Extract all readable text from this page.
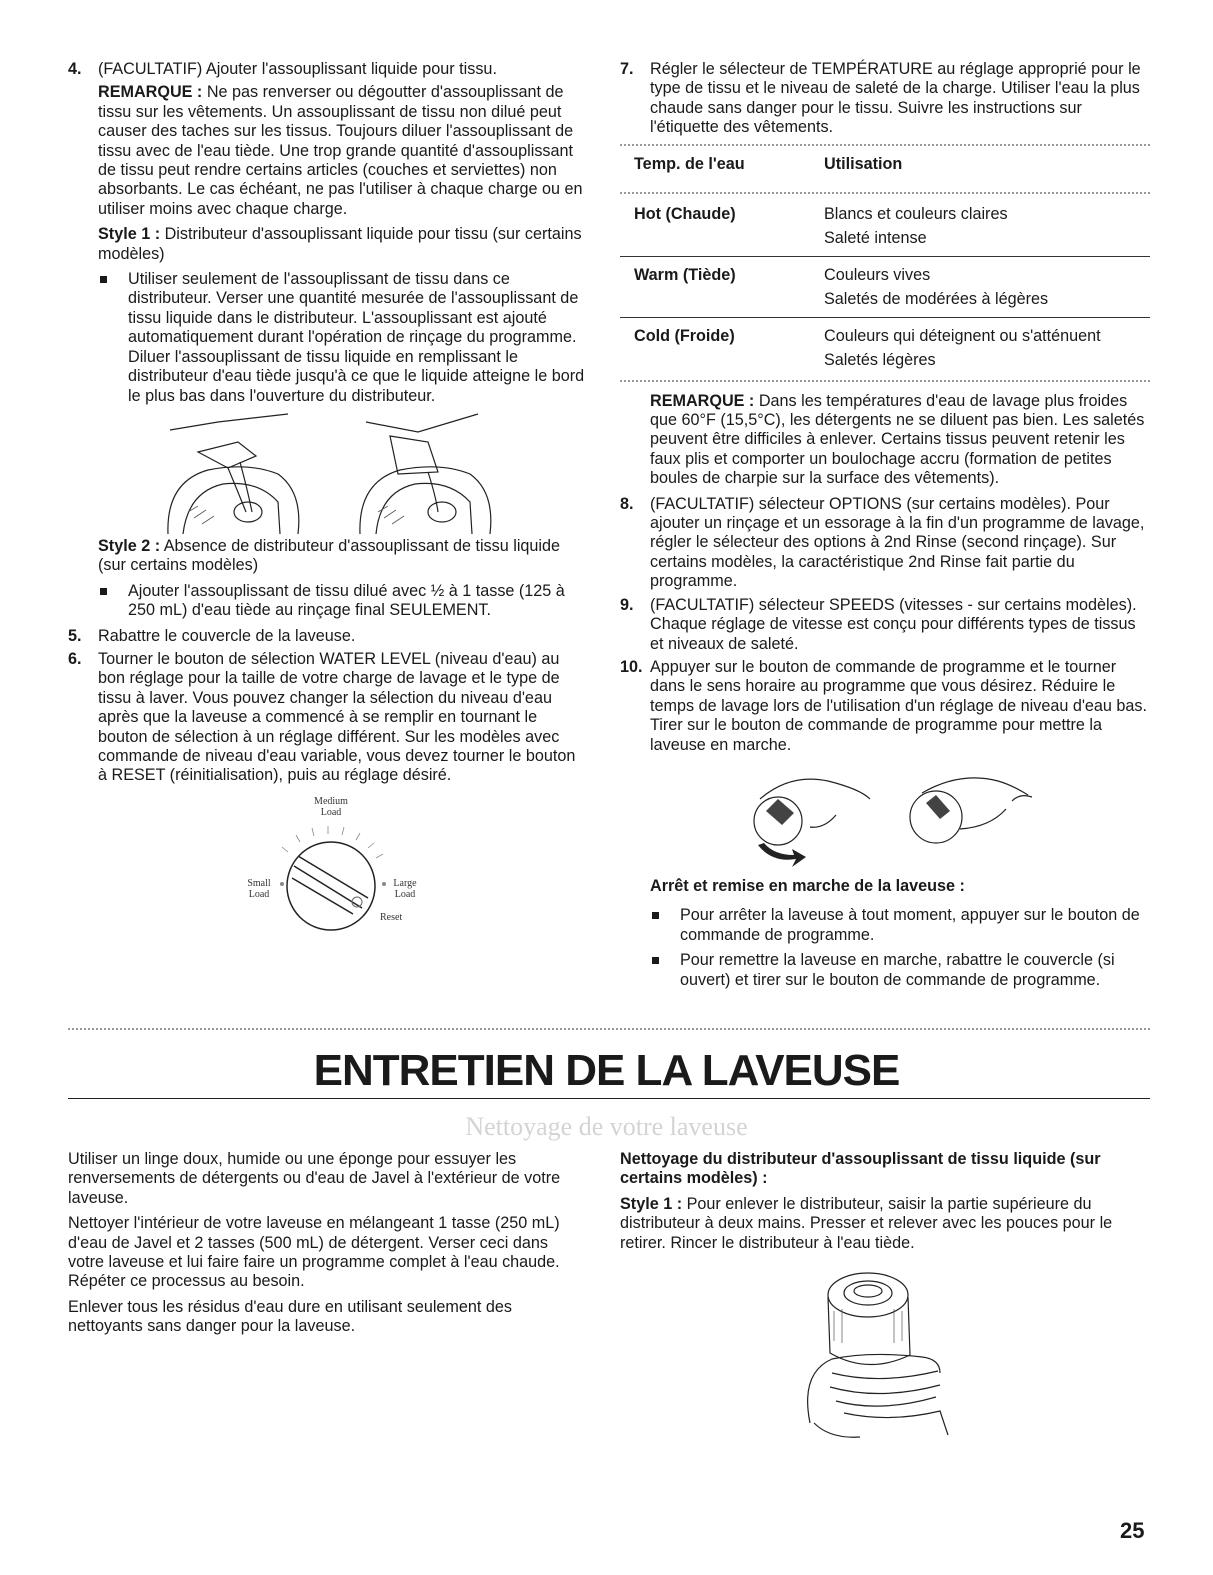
4. (FACULTATIF) Ajouter l'assouplissant liquide pour tissu.

REMARQUE : Ne pas renverser ou dégoutter d'assouplissant de tissu sur les vêtements. Un assouplissant de tissu non dilué peut causer des taches sur les tissus. Toujours diluer l'assouplissant de tissu avec de l'eau tiède. Une trop grande quantité d'assouplissant de tissu peut rendre certains articles (couches et serviettes) non absorbants. Le cas échéant, ne pas l'utiliser à chaque charge ou en utiliser moins avec chaque charge.
Style 1 : Distributeur d'assouplissant liquide pour tissu (sur certains modèles)
Utiliser seulement de l'assouplissant de tissu dans ce distributeur. Verser une quantité mesurée de l'assouplissant de tissu liquide dans le distributeur. L'assouplissant est ajouté automatiquement durant l'opération de rinçage du programme. Diluer l'assouplissant de tissu liquide en remplissant le distributeur d'eau tiède jusqu'à ce que le liquide atteigne le bord le plus bas dans l'ouverture du distributeur.
Style 2 : Absence de distributeur d'assouplissant de tissu liquide (sur certains modèles)
Ajouter l'assouplissant de tissu dilué avec ½ à 1 tasse (125 à 250 mL) d'eau tiède au rinçage final SEULEMENT.
5. Rabattre le couvercle de la laveuse.

6. Tourner le bouton de sélection WATER LEVEL (niveau d'eau) au bon réglage pour la taille de votre charge de lavage et le type de tissu à laver. Vous pouvez changer la sélection du niveau d'eau après que la laveuse a commencé à se remplir en tournant le bouton de sélection à un réglage différent. Sur les modèles avec commande de niveau d'eau variable, vous devez tourner le bouton à RESET (réinitialisation), puis au réglage désiré.

Medium
Load
Small
Load
Large
Load
Reset
7. Régler le sélecteur de TEMPÉRATURE au réglage approprié pour le type de tissu et le niveau de saleté de la charge. Utiliser l'eau la plus chaude sans danger pour le tissu. Suivre les instructions sur l'étiquette des vêtements.

Temp. de l'eau	Utilisation
Hot (Chaude)	Blancs et couleurs claires
Saleté intense
Warm (Tiède)	Couleurs vives
Saletés de modérées à légères
Cold (Froide)	Couleurs qui déteignent ou s'atténuent
Saletés légères
REMARQUE : Dans les températures d'eau de lavage plus froides que 60°F (15,5°C), les détergents ne se diluent pas bien. Les saletés peuvent être difficiles à enlever. Certains tissus peuvent retenir les faux plis et comporter un boulochage accru (formation de petites boules de charpie sur la surface des vêtements).
8. (FACULTATIF) sélecteur OPTIONS (sur certains modèles). Pour ajouter un rinçage et un essorage à la fin d'un programme de lavage, régler le sélecteur des options à 2nd Rinse (second rinçage). Sur certains modèles, la caractéristique 2nd Rinse fait partie du programme.

9. (FACULTATIF) sélecteur SPEEDS (vitesses - sur certains modèles). Chaque réglage de vitesse est conçu pour différents types de tissus et niveaux de saleté.

10. Appuyer sur le bouton de commande de programme et le tourner dans le sens horaire au programme que vous désirez. Réduire le temps de lavage lors de l'utilisation d'un réglage de niveau d'eau bas. Tirer sur le bouton de commande de programme pour mettre la laveuse en marche.

Arrêt et remise en marche de la laveuse :

Pour arrêter la laveuse à tout moment, appuyer sur le bouton de commande de programme.
Pour remettre la laveuse en marche, rabattre le couvercle (si ouvert) et tirer sur le bouton de commande de programme.
ENTRETIEN DE LA LAVEUSE
Nettoyage de votre laveuse

Utiliser un linge doux, humide ou une éponge pour essuyer les renversements de détergents ou d'eau de Javel à l'extérieur de votre laveuse.

Nettoyer l'intérieur de votre laveuse en mélangeant 1 tasse (250 mL) d'eau de Javel et 2 tasses (500 mL) de détergent. Verser ceci dans votre laveuse et lui faire faire un programme complet à l'eau chaude. Répéter ce processus au besoin.

Enlever tous les résidus d'eau dure en utilisant seulement des nettoyants sans danger pour la laveuse.

Nettoyage du distributeur d'assouplissant de tissu liquide (sur certains modèles) :

Style 1 : Pour enlever le distributeur, saisir la partie supérieure du distributeur à deux mains. Presser et relever avec les pouces pour le retirer. Rincer le distributeur à l'eau tiède.
25
